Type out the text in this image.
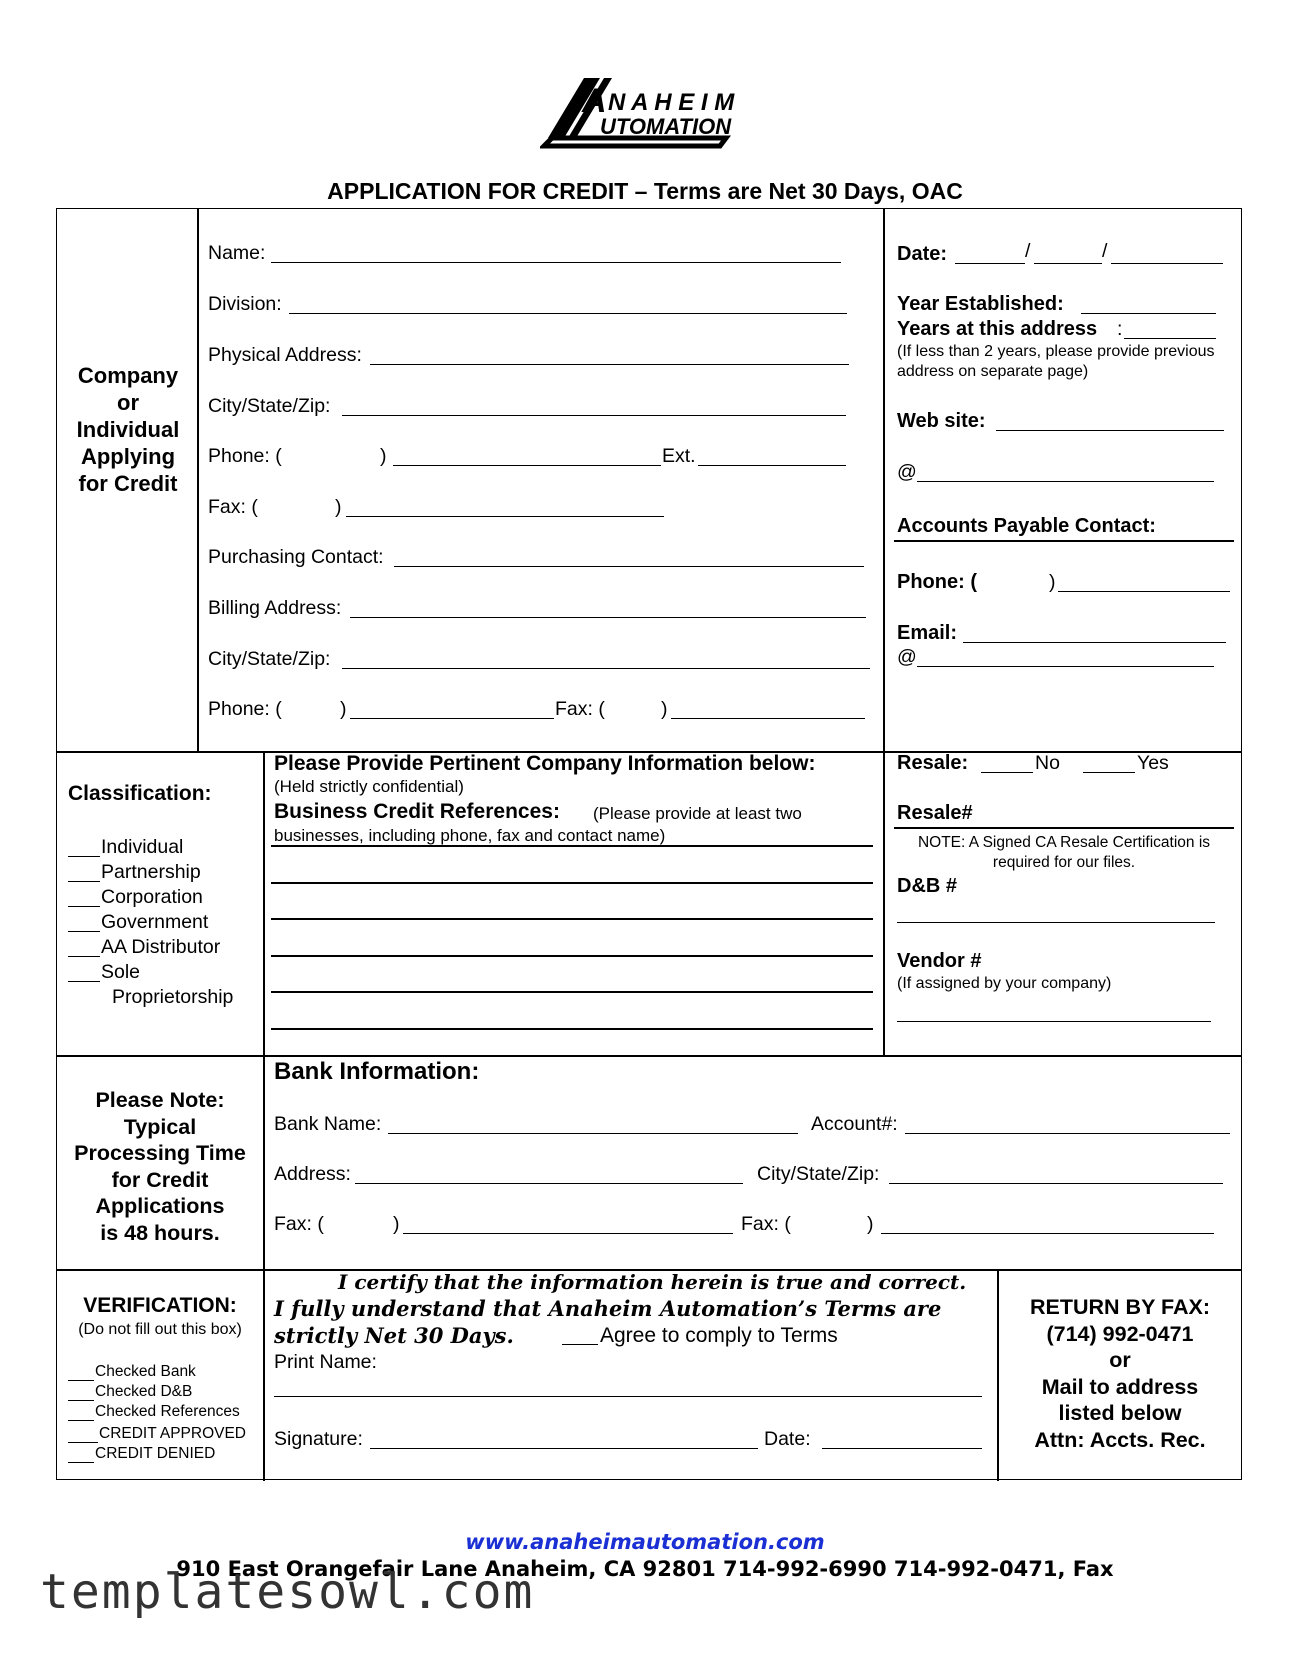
N A H E I M
UTOMATION
A
APPLICATION FOR CREDIT – Terms are Net 30 Days, OAC
Company
or
Individual
Applying
for Credit
Name:
Division:
Physical Address:
City/State/Zip:
Phone: (	)	Ext.
Fax: (	)
Purchasing Contact:
Billing Address:
City/State/Zip:
Phone: (	)	Fax: (	)
Date:	/	/
Year Established:
Years at this address :
(If less than 2 years, please provide previous
address on separate page)
Web site:
@
Accounts Payable Contact:
Phone: (	)
Email:
@
Classification:
Individual
Partnership
Corporation
Government
AA Distributor
Sole
Proprietorship
Please Provide Pertinent Company Information below:
(Held strictly confidential)
Business Credit References: (Please provide at least two
businesses, including phone, fax and contact name)
Resale:	No	Yes
Resale#
NOTE: A Signed CA Resale Certification is
required for our files.
D&B #
Vendor #
(If assigned by your company)
Please Note:
Typical
Processing Time
for Credit
Applications
is 48 hours.
Bank Information:
Bank Name:	Account#:
Address:	City/State/Zip:
Fax: (	)	Fax: (	)
VERIFICATION:
(Do not fill out this box)
Checked Bank
Checked D&B
Checked References
CREDIT APPROVED
CREDIT DENIED
I certify that the information herein is true and correct.
I fully understand that Anaheim Automation’s Terms are
strictly Net 30 Days.	Agree to comply to Terms
Print Name:
Signature:	Date:
RETURN BY FAX:
(714) 992-0471
or
Mail to address
listed below
Attn: Accts. Rec.
www.anaheimautomation.com
910 East Orangefair Lane Anaheim, CA 92801 714-992-6990 714-992-0471, Fax
templatesowl.com
